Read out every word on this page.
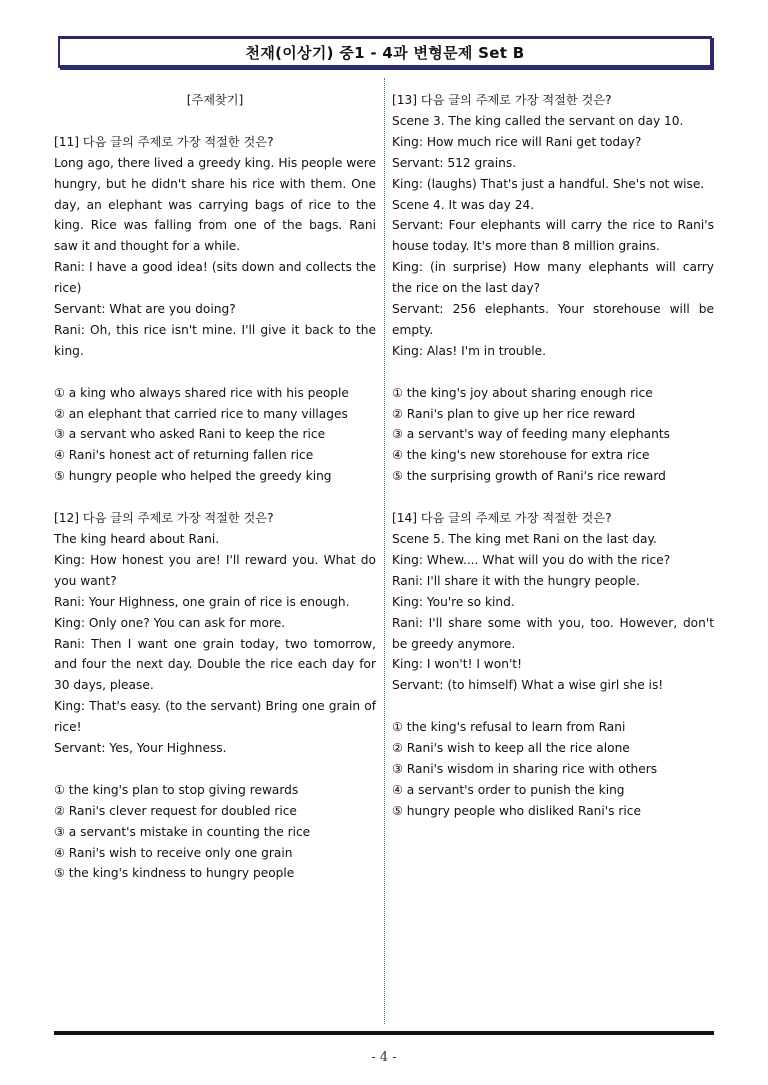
천재(이상기) 중1 - 4과 변형문제 Set B
[주제찾기]

[11] 다음 글의 주제로 가장 적절한 것은?

Long ago, there lived a greedy king. His people were hungry, but he didn't share his rice with them. One day, an elephant was carrying bags of rice to the king. Rice was falling from one of the bags. Rani saw it and thought for a while.

Rani: I have a good idea! (sits down and collects the rice)

Servant: What are you doing?

Rani: Oh, this rice isn't mine. I'll give it back to the king.

① a king who always shared rice with his people

② an elephant that carried rice to many villages

③ a servant who asked Rani to keep the rice

④ Rani's honest act of returning fallen rice

⑤ hungry people who helped the greedy king

[12] 다음 글의 주제로 가장 적절한 것은?

The king heard about Rani.

King: How honest you are! I'll reward you. What do you want?

Rani: Your Highness, one grain of rice is enough.

King: Only one? You can ask for more.

Rani: Then I want one grain today, two tomorrow, and four the next day. Double the rice each day for 30 days, please.

King: That's easy. (to the servant) Bring one grain of rice!

Servant: Yes, Your Highness.

① the king's plan to stop giving rewards

② Rani's clever request for doubled rice

③ a servant's mistake in counting the rice

④ Rani's wish to receive only one grain

⑤ the king's kindness to hungry people

[13] 다음 글의 주제로 가장 적절한 것은?

Scene 3. The king called the servant on day 10.

King: How much rice will Rani get today?

Servant: 512 grains.

King: (laughs) That's just a handful. She's not wise.

Scene 4. It was day 24.

Servant: Four elephants will carry the rice to Rani's house today. It's more than 8 million grains.

King: (in surprise) How many elephants will carry the rice on the last day?

Servant: 256 elephants. Your storehouse will be empty.

King: Alas! I'm in trouble.

① the king's joy about sharing enough rice

② Rani's plan to give up her rice reward

③ a servant's way of feeding many elephants

④ the king's new storehouse for extra rice

⑤ the surprising growth of Rani's rice reward

[14] 다음 글의 주제로 가장 적절한 것은?

Scene 5. The king met Rani on the last day.

King: Whew.... What will you do with the rice?

Rani: I'll share it with the hungry people.

King: You're so kind.

Rani: I'll share some with you, too. However, don't be greedy anymore.

King: I won't! I won't!

Servant: (to himself) What a wise girl she is!

① the king's refusal to learn from Rani

② Rani's wish to keep all the rice alone

③ Rani's wisdom in sharing rice with others

④ a servant's order to punish the king

⑤ hungry people who disliked Rani's rice

- 4 -
